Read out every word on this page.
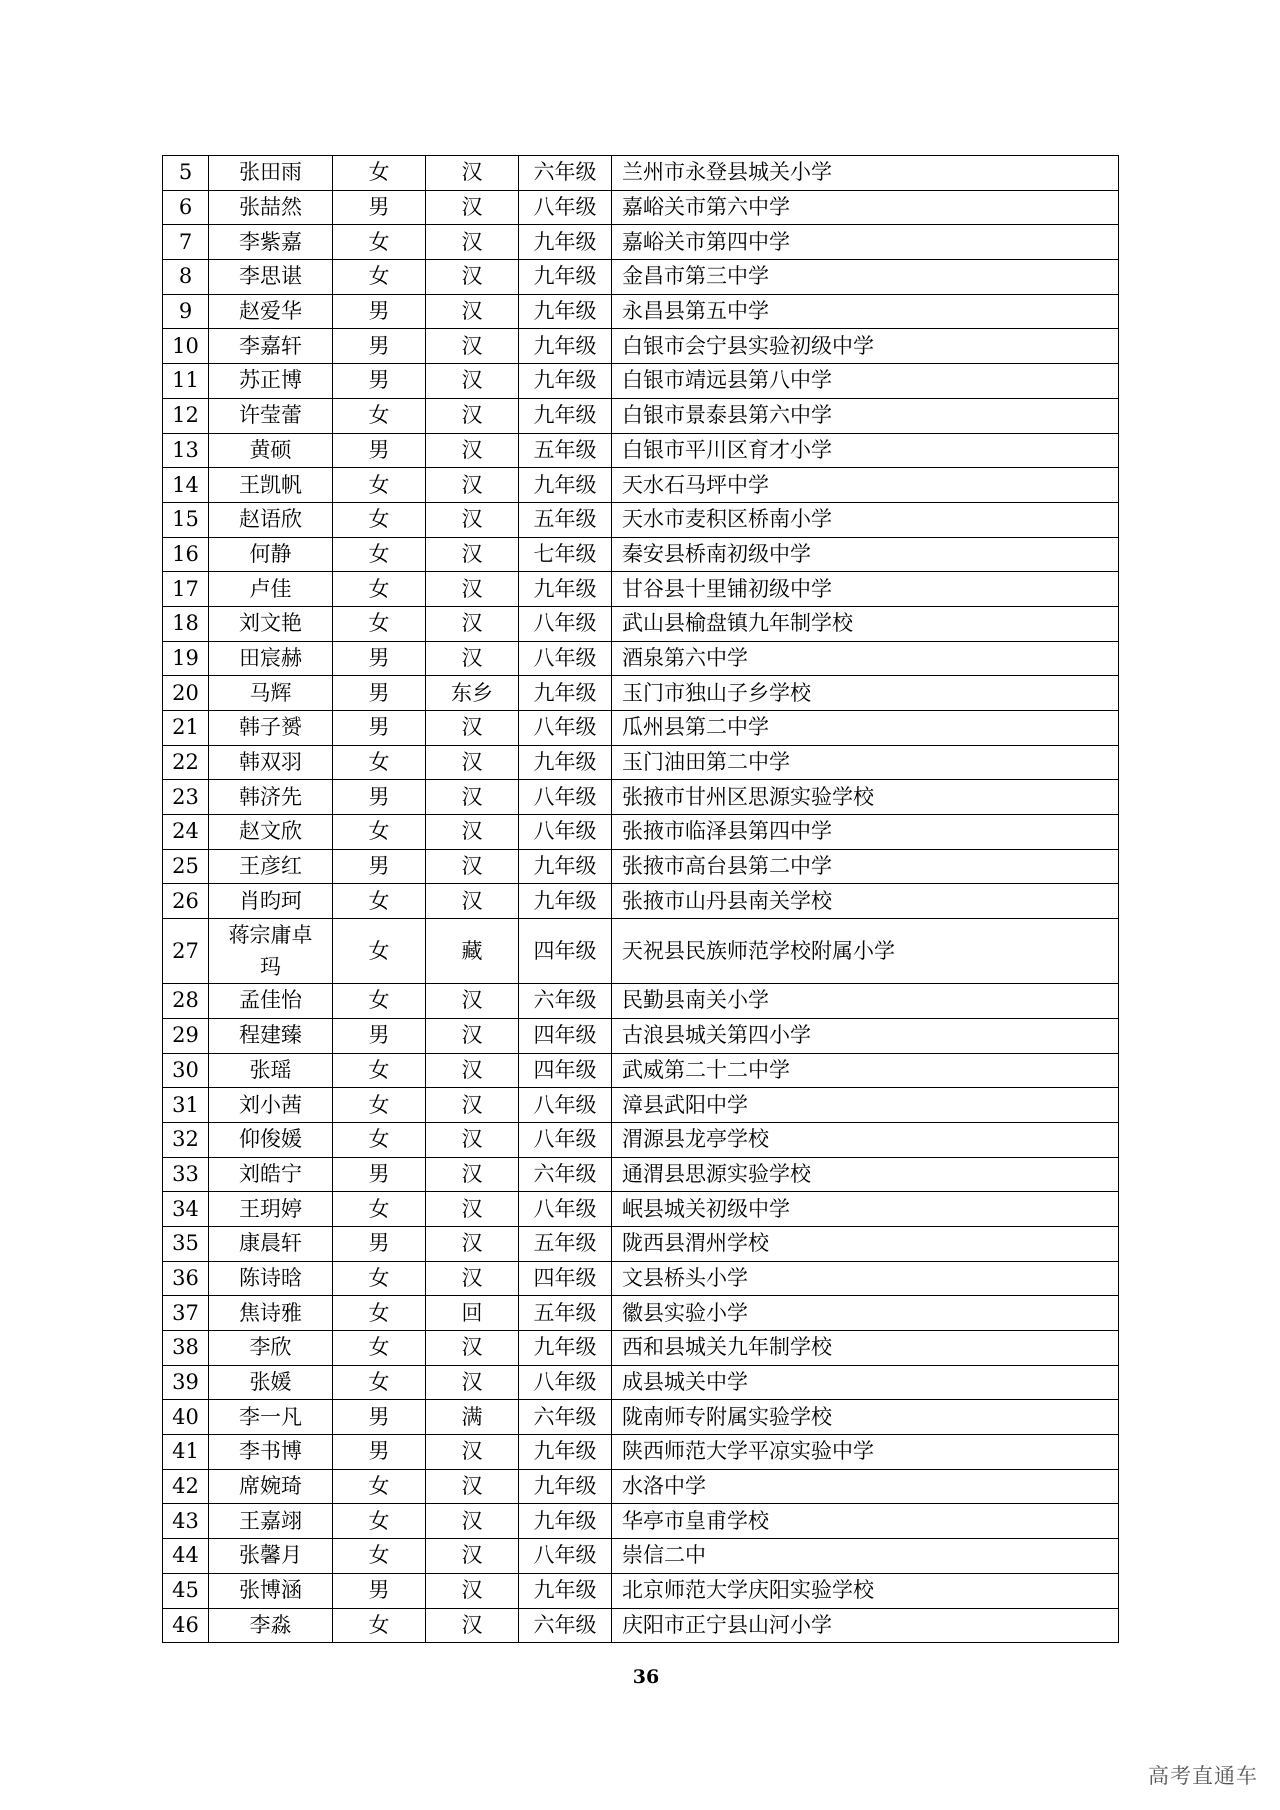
5	张田雨	女	汉	六年级	兰州市永登县城关小学
6	张喆然	男	汉	八年级	嘉峪关市第六中学
7	李紫嘉	女	汉	九年级	嘉峪关市第四中学
8	李思谌	女	汉	九年级	金昌市第三中学
9	赵爱华	男	汉	九年级	永昌县第五中学
10	李嘉轩	男	汉	九年级	白银市会宁县实验初级中学
11	苏正博	男	汉	九年级	白银市靖远县第八中学
12	许莹蕾	女	汉	九年级	白银市景泰县第六中学
13	黄硕	男	汉	五年级	白银市平川区育才小学
14	王凯帆	女	汉	九年级	天水石马坪中学
15	赵语欣	女	汉	五年级	天水市麦积区桥南小学
16	何静	女	汉	七年级	秦安县桥南初级中学
17	卢佳	女	汉	九年级	甘谷县十里铺初级中学
18	刘文艳	女	汉	八年级	武山县榆盘镇九年制学校
19	田宸赫	男	汉	八年级	酒泉第六中学
20	马辉	男	东乡	九年级	玉门市独山子乡学校
21	韩子赟	男	汉	八年级	瓜州县第二中学
22	韩双羽	女	汉	九年级	玉门油田第二中学
23	韩济先	男	汉	八年级	张掖市甘州区思源实验学校
24	赵文欣	女	汉	八年级	张掖市临泽县第四中学
25	王彦红	男	汉	九年级	张掖市高台县第二中学
26	肖昀珂	女	汉	九年级	张掖市山丹县南关学校
27	蒋宗庸卓玛	女	藏	四年级	天祝县民族师范学校附属小学
28	孟佳怡	女	汉	六年级	民勤县南关小学
29	程建臻	男	汉	四年级	古浪县城关第四小学
30	张瑶	女	汉	四年级	武威第二十二中学
31	刘小茜	女	汉	八年级	漳县武阳中学
32	仰俊媛	女	汉	八年级	渭源县龙亭学校
33	刘皓宁	男	汉	六年级	通渭县思源实验学校
34	王玥婷	女	汉	八年级	岷县城关初级中学
35	康晨轩	男	汉	五年级	陇西县渭州学校
36	陈诗晗	女	汉	四年级	文县桥头小学
37	焦诗雅	女	回	五年级	徽县实验小学
38	李欣	女	汉	九年级	西和县城关九年制学校
39	张媛	女	汉	八年级	成县城关中学
40	李一凡	男	满	六年级	陇南师专附属实验学校
41	李书博	男	汉	九年级	陕西师范大学平凉实验中学
42	席婉琦	女	汉	九年级	水洛中学
43	王嘉翊	女	汉	九年级	华亭市皇甫学校
44	张馨月	女	汉	八年级	崇信二中
45	张博涵	男	汉	九年级	北京师范大学庆阳实验学校
46	李淼	女	汉	六年级	庆阳市正宁县山河小学
36
高考直通车
